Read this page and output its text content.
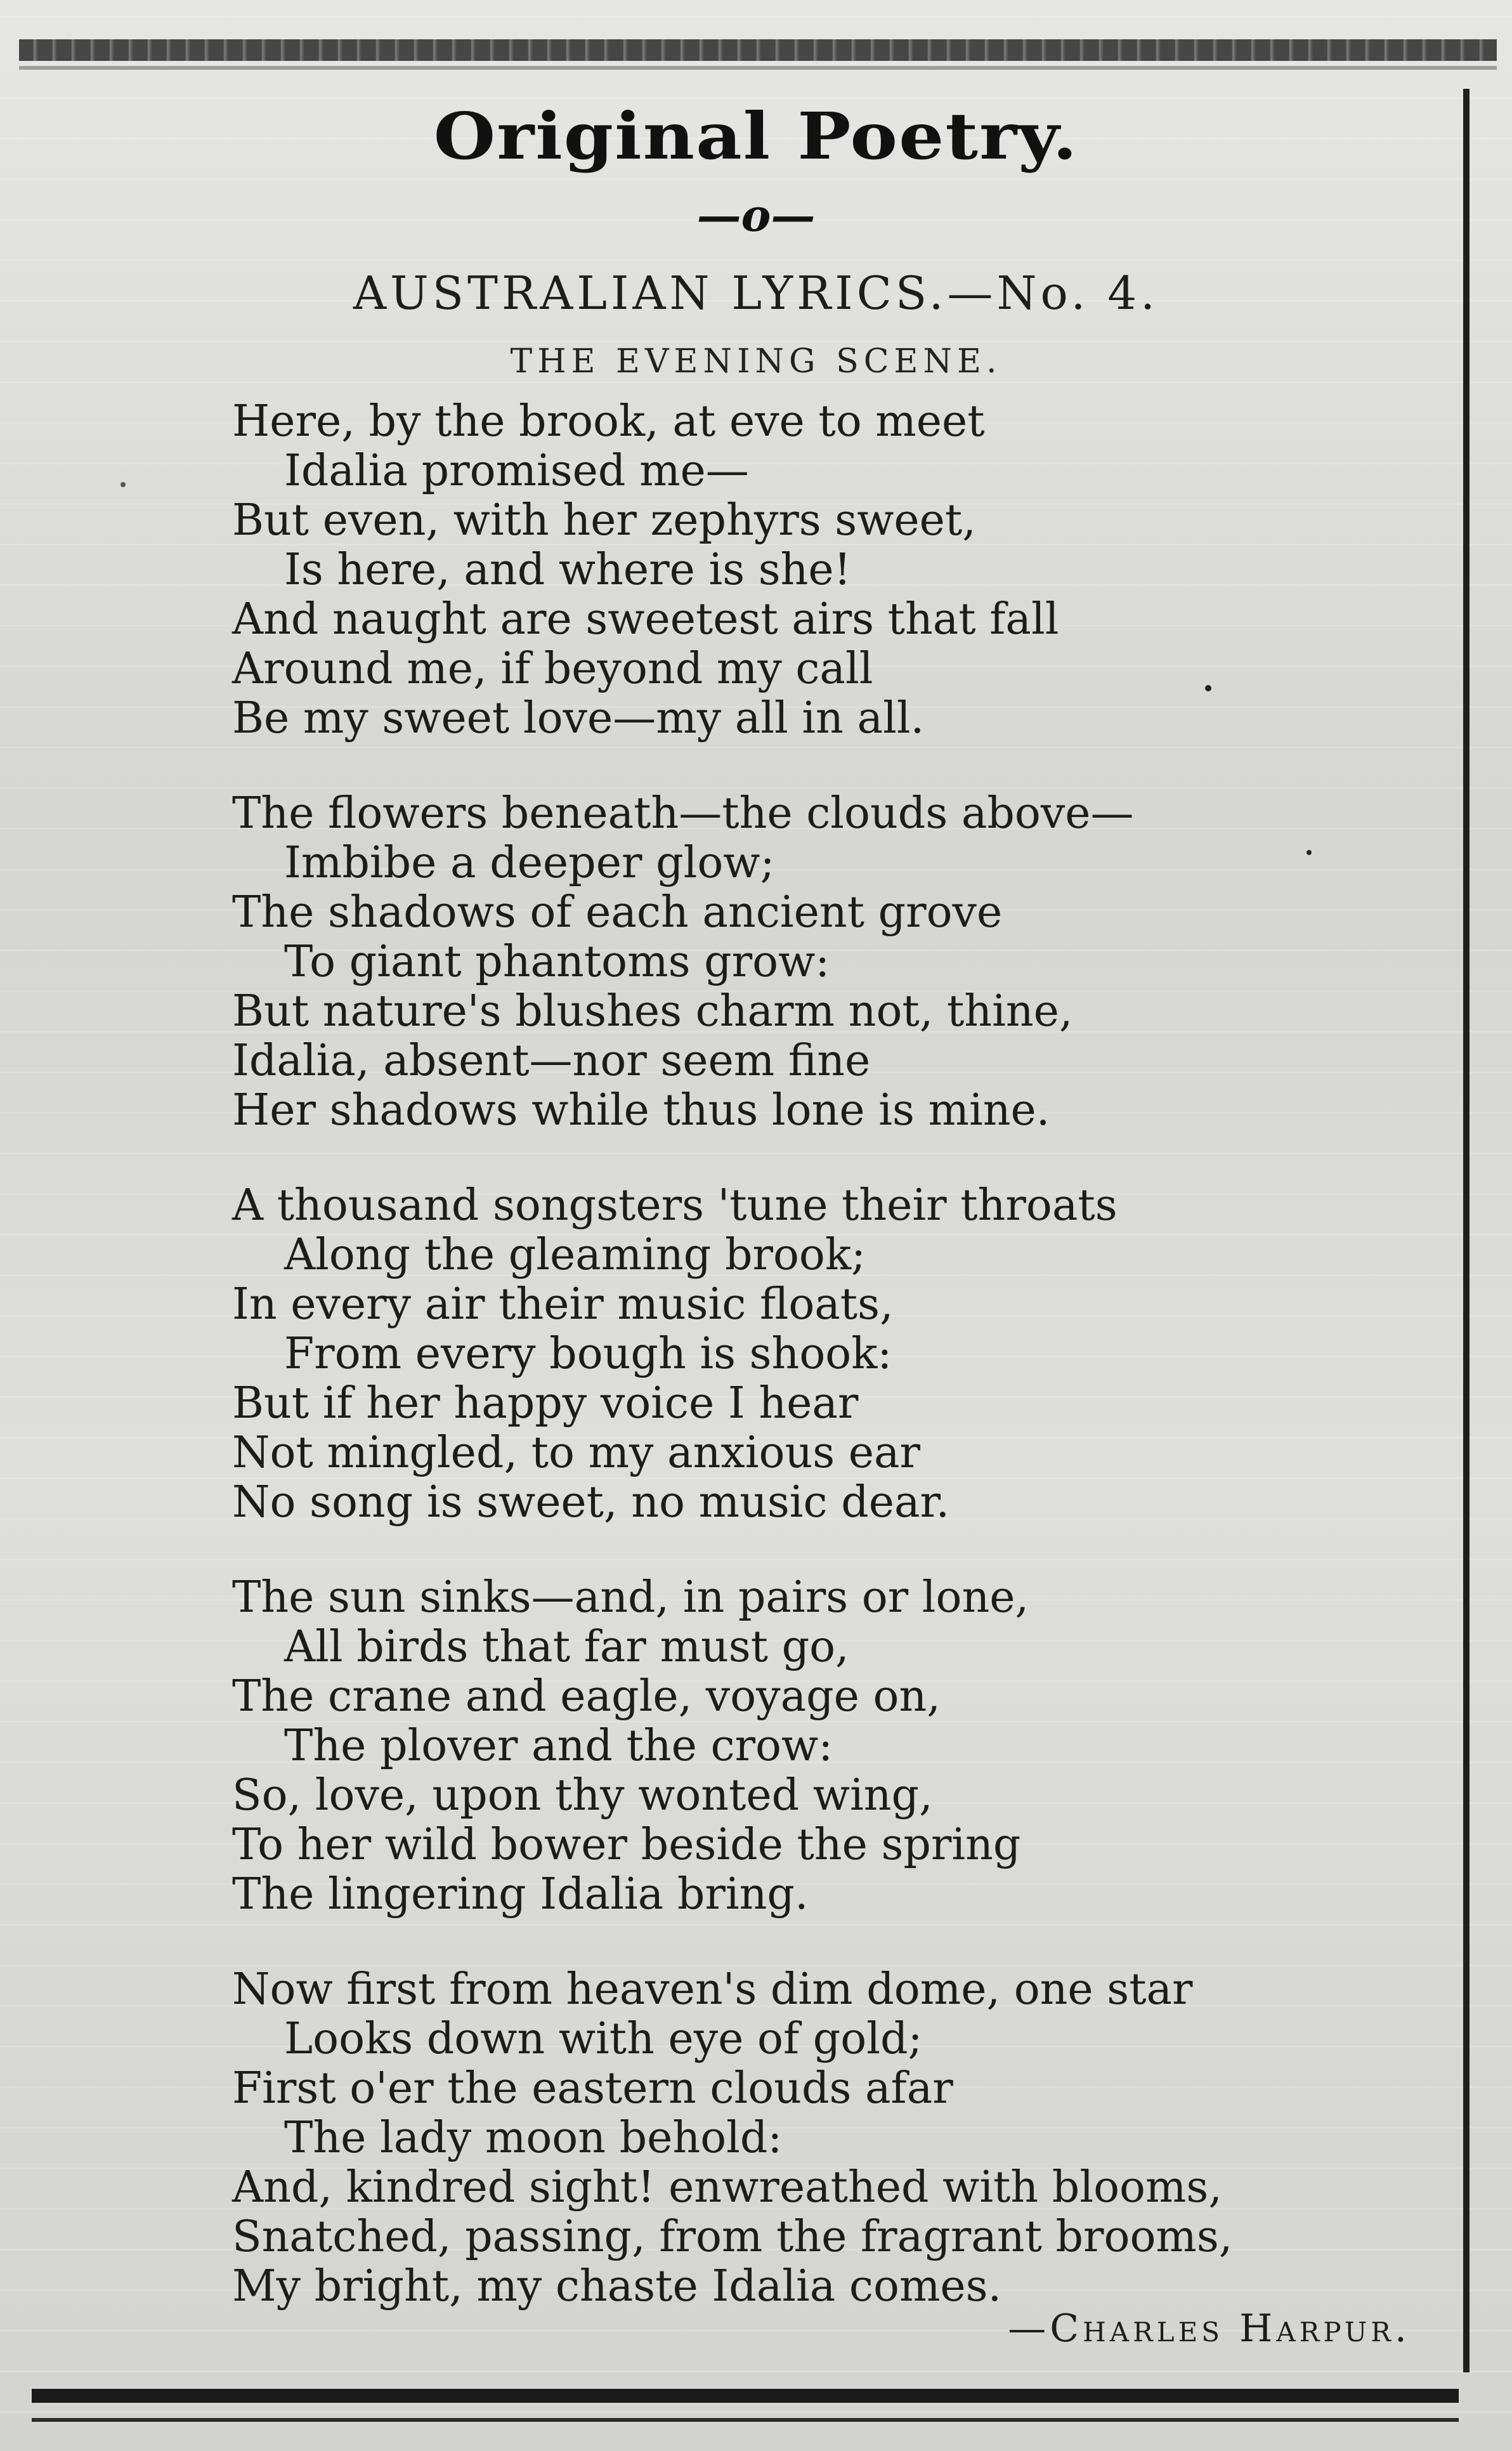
Original Poetry.
—o—
AUSTRALIAN LYRICS.—No. 4.
THE EVENING SCENE.
Here, by the brook, at eve to meet
Idalia promised me—
But even, with her zephyrs sweet,
Is here, and where is she!
And naught are sweetest airs that fall
Around me, if beyond my call
Be my sweet love—my all in all.
The flowers beneath—the clouds above—
Imbibe a deeper glow;
The shadows of each ancient grove
To giant phantoms grow:
But nature's blushes charm not, thine,
Idalia, absent—nor seem fine
Her shadows while thus lone is mine.
A thousand songsters 'tune their throats
Along the gleaming brook;
In every air their music floats,
From every bough is shook:
But if her happy voice I hear
Not mingled, to my anxious ear
No song is sweet, no music dear.
The sun sinks—and, in pairs or lone,
All birds that far must go,
The crane and eagle, voyage on,
The plover and the crow:
So, love, upon thy wonted wing,
To her wild bower beside the spring
The lingering Idalia bring.
Now first from heaven's dim dome, one star
Looks down with eye of gold;
First o'er the eastern clouds afar
The lady moon behold:
And, kindred sight! enwreathed with blooms,
Snatched, passing, from the fragrant brooms,
My bright, my chaste Idalia comes.
—Charles Harpur.
